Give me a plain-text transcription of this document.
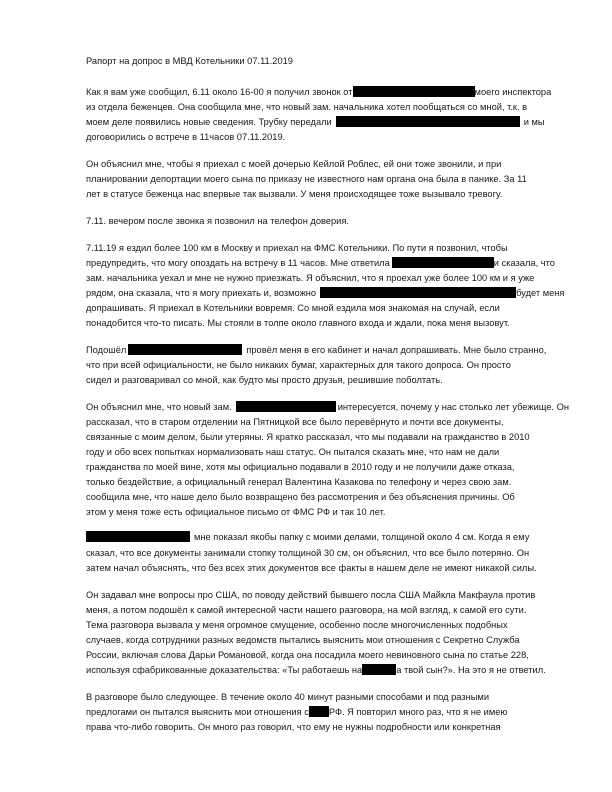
Рапорт на допрос в МВД Котельники 07.11.2019
Как я вам уже сообщил, 6.11 около 16-00 я получил звонок от	моего инспектора
из отдела беженцев. Она сообщила мне, что новый зам. начальника хотел пообщаться со мной, т.к. в
моем деле появились новые сведения. Трубку передали	и мы
договорились о встрече в 11часов 07.11.2019.
Он объяснил мне, чтобы я приехал с моей дочерью Кейлой Роблес, ей они тоже звонили, и при
планировании депортации моего сына по приказу не известного нам органа она была в панике. За 11
лет в статусе беженца нас впервые так вызвали. У меня происходящее тоже вызывало тревогу.
7.11. вечером после звонка я позвонил на телефон доверия.
7.11.19 я ездил более 100 км в Москву и приехал на ФМС Котельники. По пути я позвонил, чтобы
предупредить, что могу опоздать на встречу в 11 часов. Мне ответила	и сказала, что
зам. начальника уехал и мне не нужно приезжать. Я объяснил, что я проехал уже более 100 км и я уже
рядом, она сказала, что я могу приехать и, возможно	будет меня
допрашивать. Я приехал в Котельники вовремя. Со мной ездила моя знакомая на случай, если
понадобится что-то писать. Мы стояли в толпе около главного входа и ждали, пока меня вызовут.
Подошёл	провёл меня в его кабинет и начал допрашивать. Мне было странно,
что при всей официальности, не было никаких бумаг, характерных для такого допроса. Он просто
сидел и разговаривал со мной, как будто мы просто друзья, решившие поболтать.
Он объяснил мне, что новый зам.	интересуется, почему у нас столько лет убежище. Он
рассказал, что в старом отделении на Пятницкой все было перевёрнуто и почти все документы,
связанные с моим делом, были утеряны. Я кратко рассказал, что мы подавали на гражданство в 2010
году и обо всех попытках нормализовать наш статус. Он пытался сказать мне, что нам не дали
гражданства по моей вине, хотя мы официально подавали в 2010 году и не получили даже отказа,
только бездействие, а официальный генерал Валентина Казакова по телефону и через свою зам.
сообщила мне, что наше дело было возвращено без рассмотрения и без объяснения причины. Об
этом у меня тоже есть официальное письмо от ФМС РФ и так 10 лет.
мне показал якобы папку с моими делами, толщиной около 4 см. Когда я ему
сказал, что все документы занимали стопку толщиной 30 см, он объяснил, что все было потеряно. Он
затем начал объяснять, что без всех этих документов все факты в нашем деле не имеют никакой силы.
Он задавал мне вопросы про США, по поводу действий бывшего посла США Майкла Макфаула против
меня, а потом подошёл к самой интересной части нашего разговора, на мой взгляд, к самой его сути.
Тема разговора вызвала у меня огромное смущение, особенно после многочисленных подобных
случаев, когда сотрудники разных ведомств пытались выяснить мои отношения с Секретно Служба
России, включая слова Дарьи Романовой, когда она посадила моего невиновного сына по статье 228,
используя сфабрикованные доказательства: «Ты работаешь на	а твой сын?». На это я не ответил.
В разговоре было следующее. В течение около 40 минут разными способами и под разными
предлогами он пытался выяснить мои отношения с РФ. Я повторил много раз, что я не имею
права что-либо говорить. Он много раз говорил, что ему не нужны подробности или конкретная
